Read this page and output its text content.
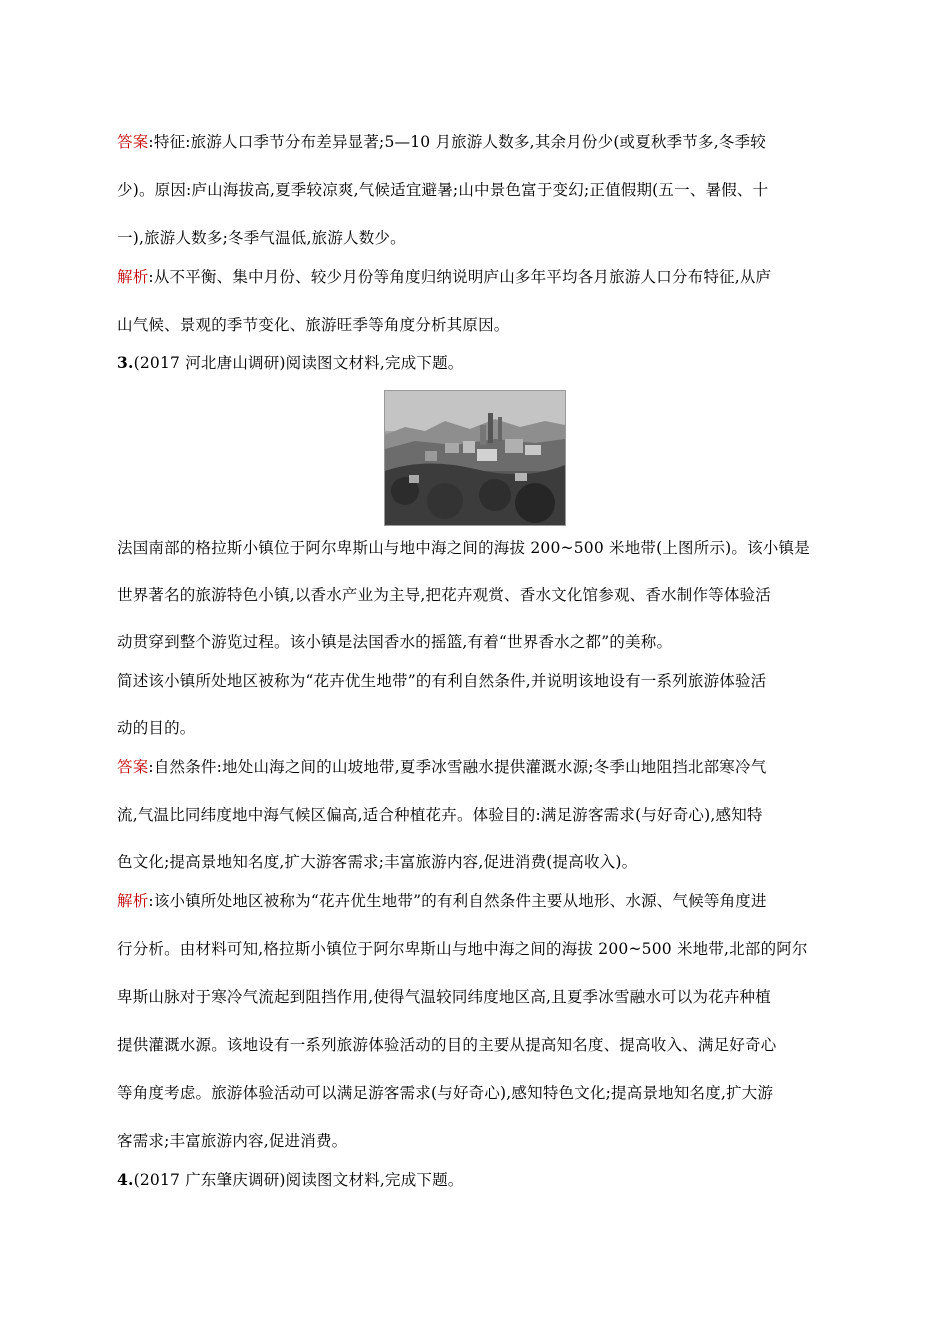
答案:特征:旅游人口季节分布差异显著;5—10 月旅游人数多,其余月份少(或夏秋季节多,冬季较
少)。原因:庐山海拔高,夏季较凉爽,气候适宜避暑;山中景色富于变幻;正值假期(五一、暑假、十
一),旅游人数多;冬季气温低,旅游人数少。
解析:从不平衡、集中月份、较少月份等角度归纳说明庐山多年平均各月旅游人口分布特征,从庐
山气候、景观的季节变化、旅游旺季等角度分析其原因。
3.(2017 河北唐山调研)阅读图文材料,完成下题。
法国南部的格拉斯小镇位于阿尔卑斯山与地中海之间的海拔 200~500 米地带(上图所示)。该小镇是
世界著名的旅游特色小镇,以香水产业为主导,把花卉观赏、香水文化馆参观、香水制作等体验活
动贯穿到整个游览过程。该小镇是法国香水的摇篮,有着“世界香水之都”的美称。
简述该小镇所处地区被称为“花卉优生地带”的有利自然条件,并说明该地设有一系列旅游体验活
动的目的。
答案:自然条件:地处山海之间的山坡地带,夏季冰雪融水提供灌溉水源;冬季山地阻挡北部寒冷气
流,气温比同纬度地中海气候区偏高,适合种植花卉。体验目的:满足游客需求(与好奇心),感知特
色文化;提高景地知名度,扩大游客需求;丰富旅游内容,促进消费(提高收入)。
解析:该小镇所处地区被称为“花卉优生地带”的有利自然条件主要从地形、水源、气候等角度进
行分析。由材料可知,格拉斯小镇位于阿尔卑斯山与地中海之间的海拔 200~500 米地带,北部的阿尔
卑斯山脉对于寒冷气流起到阻挡作用,使得气温较同纬度地区高,且夏季冰雪融水可以为花卉种植
提供灌溉水源。该地设有一系列旅游体验活动的目的主要从提高知名度、提高收入、满足好奇心
等角度考虑。旅游体验活动可以满足游客需求(与好奇心),感知特色文化;提高景地知名度,扩大游
客需求;丰富旅游内容,促进消费。
4.(2017 广东肇庆调研)阅读图文材料,完成下题。
